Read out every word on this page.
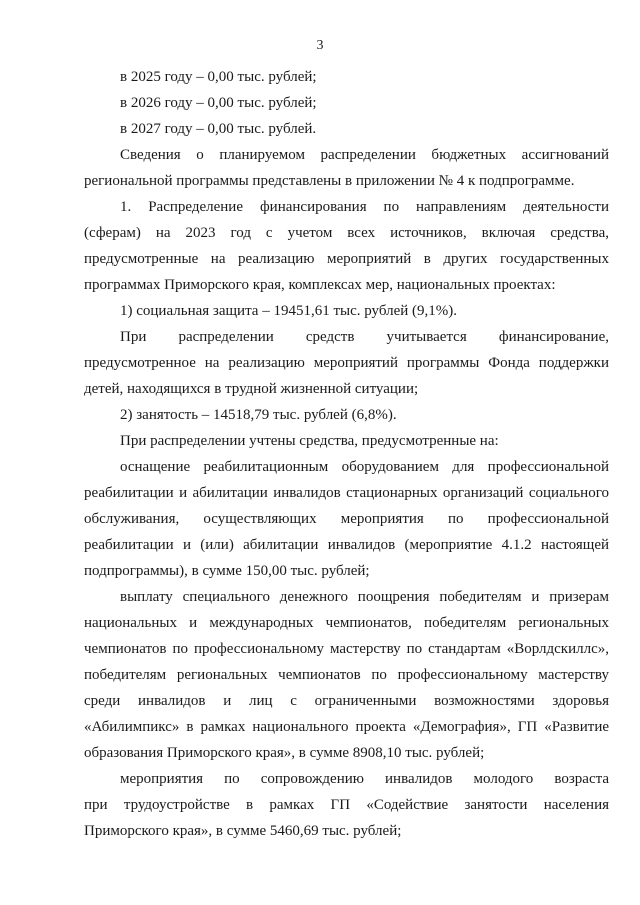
3
в 2025 году – 0,00 тыс. рублей;
в 2026 году – 0,00 тыс. рублей;
в 2027 году – 0,00 тыс. рублей.
Сведения о планируемом распределении бюджетных ассигнований
региональной программы представлены в приложении № 4 к подпрограмме.
1. Распределение финансирования по направлениям деятельности
(сферам) на 2023 год с учетом всех источников, включая средства,
предусмотренные на реализацию мероприятий в других государственных
программах Приморского края, комплексах мер, национальных проектах:
1) социальная защита – 19451,61 тыс. рублей (9,1%).
При распределении средств учитывается финансирование,
предусмотренное на реализацию мероприятий программы Фонда поддержки
детей, находящихся в трудной жизненной ситуации;
2) занятость – 14518,79 тыс. рублей (6,8%).
При распределении учтены средства, предусмотренные на:
оснащение реабилитационным оборудованием для профессиональной
реабилитации и абилитации инвалидов стационарных организаций социального
обслуживания, осуществляющих мероприятия по профессиональной
реабилитации и (или) абилитации инвалидов (мероприятие 4.1.2 настоящей
подпрограммы), в сумме 150,00 тыс. рублей;
выплату специального денежного поощрения победителям и призерам
национальных и международных чемпионатов, победителям региональных
чемпионатов по профессиональному мастерству по стандартам «Ворлдскиллс»,
победителям региональных чемпионатов по профессиональному мастерству
среди инвалидов и лиц с ограниченными возможностями здоровья
«Абилимпикс» в рамках национального проекта «Демография», ГП «Развитие
образования Приморского края», в сумме 8908,10 тыс. рублей;
мероприятия по сопровождению инвалидов молодого возраста
при трудоустройстве в рамках ГП «Содействие занятости населения
Приморского края», в сумме 5460,69 тыс. рублей;
